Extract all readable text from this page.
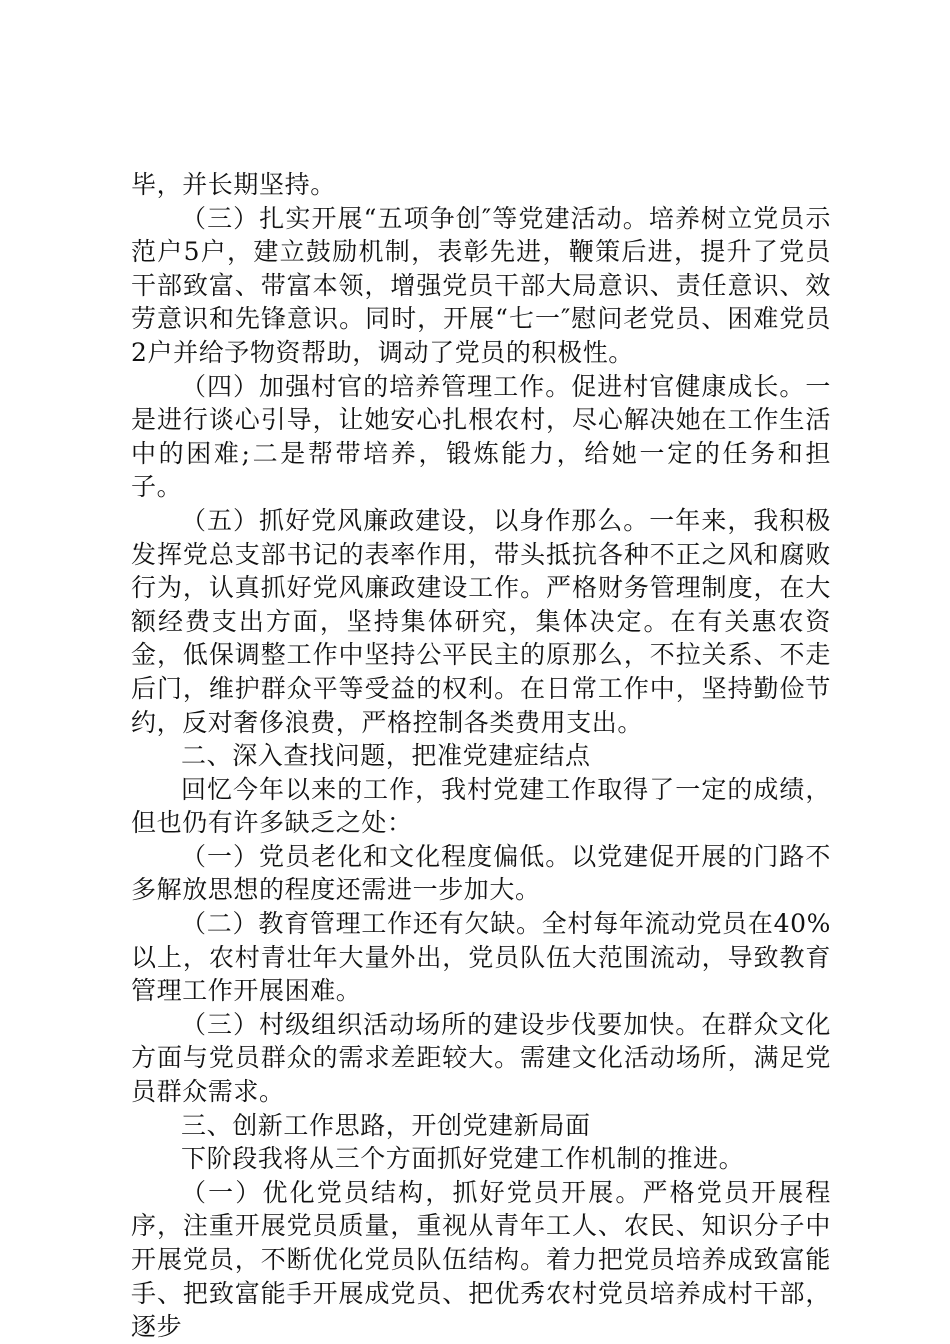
毕，并长期坚持。

（三）扎实开展“五项争创″等党建活动。培养树立党员示范户5户，建立鼓励机制，表彰先进，鞭策后进，提升了党员干部致富、带富本领，增强党员干部大局意识、责任意识、效劳意识和先锋意识。同时，开展“七一″慰问老党员、困难党员2户并给予物资帮助，调动了党员的积极性。

（四）加强村官的培养管理工作。促进村官健康成长。一是进行谈心引导，让她安心扎根农村，尽心解决她在工作生活中的困难;二是帮带培养，锻炼能力，给她一定的任务和担子。

（五）抓好党风廉政建设，以身作那么。一年来，我积极发挥党总支部书记的表率作用，带头抵抗各种不正之风和腐败行为，认真抓好党风廉政建设工作。严格财务管理制度，在大额经费支出方面，坚持集体研究，集体决定。在有关惠农资金，低保调整工作中坚持公平民主的原那么，不拉关系、不走后门，维护群众平等受益的权利。在日常工作中，坚持勤俭节约，反对奢侈浪费，严格控制各类费用支出。

二、深入查找问题，把准党建症结点

回忆今年以来的工作，我村党建工作取得了一定的成绩，但也仍有许多缺乏之处：

（一）党员老化和文化程度偏低。以党建促开展的门路不多解放思想的程度还需进一步加大。

（二）教育管理工作还有欠缺。全村每年流动党员在40%以上，农村青壮年大量外出，党员队伍大范围流动，导致教育管理工作开展困难。

（三）村级组织活动场所的建设步伐要加快。在群众文化方面与党员群众的需求差距较大。需建文化活动场所，满足党员群众需求。

三、创新工作思路，开创党建新局面

下阶段我将从三个方面抓好党建工作机制的推进。

（一）优化党员结构，抓好党员开展。严格党员开展程序，注重开展党员质量，重视从青年工人、农民、知识分子中开展党员，不断优化党员队伍结构。着力把党员培养成致富能手、把致富能手开展成党员、把优秀农村党员培养成村干部，逐步
